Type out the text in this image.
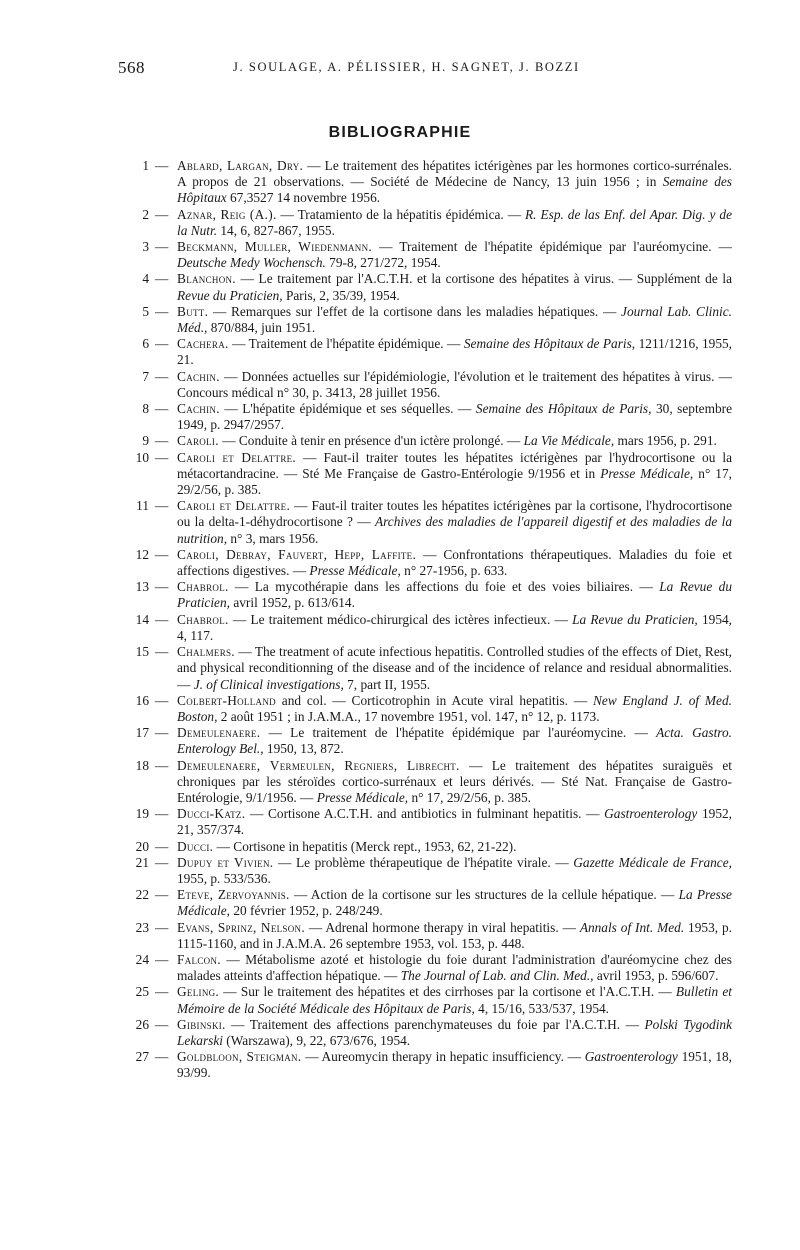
568	J. SOULAGE, A. PÉLISSIER, H. SAGNET, J. BOZZI
BIBLIOGRAPHIE
1 — Ablard, Largan, Dry. — Le traitement des hépatites ictérigènes par les hormones cortico-surrénales. A propos de 21 observations. — Société de Médecine de Nancy, 13 juin 1956 ; in Semaine des Hôpitaux 67,3527 14 novembre 1956.
2 — Aznar, Reig (A.). — Tratamiento de la hépatitis épidémica. — R. Esp. de las Enf. del Apar. Dig. y de la Nutr. 14, 6, 827-867, 1955.
3 — Beckmann, Muller, Wiedenmann. — Traitement de l'hépatite épidémique par l'auréomycine. — Deutsche Medy Wochensch. 79-8, 271/272, 1954.
4 — Blanchon. — Le traitement par l'A.C.T.H. et la cortisone des hépatites à virus. — Supplément de la Revue du Praticien, Paris, 2, 35/39, 1954.
5 — Butt. — Remarques sur l'effet de la cortisone dans les maladies hépatiques. — Journal Lab. Clinic. Méd., 870/884, juin 1951.
6 — Cachera. — Traitement de l'hépatite épidémique. — Semaine des Hôpitaux de Paris, 1211/1216, 1955, 21.
7 — Cachin. — Données actuelles sur l'épidémiologie, l'évolution et le traitement des hépatites à virus. — Concours médical n° 30, p. 3413, 28 juillet 1956.
8 — Cachin. — L'hépatite épidémique et ses séquelles. — Semaine des Hôpitaux de Paris, 30, septembre 1949, p. 2947/2957.
9 — Caroli. — Conduite à tenir en présence d'un ictère prolongé. — La Vie Médicale, mars 1956, p. 291.
10 — Caroli et Delattre. — Faut-il traiter toutes les hépatites ictérigènes par l'hydrocortisone ou la métacortandracine. — Sté Me Française de Gastro-Entérologie 9/1956 et in Presse Médicale, n° 17, 29/2/56, p. 385.
11 — Caroli et Delattre. — Faut-il traiter toutes les hépatites ictérigènes par la cortisone, l'hydrocortisone ou la delta-1-déhydrocortisone ? — Archives des maladies de l'appareil digestif et des maladies de la nutrition, n° 3, mars 1956.
12 — Caroli, Debray, Fauvert, Hepp, Laffite. — Confrontations thérapeutiques. Maladies du foie et affections digestives. — Presse Médicale, n° 27-1956, p. 633.
13 — Chabrol. — La mycothérapie dans les affections du foie et des voies biliaires. — La Revue du Praticien, avril 1952, p. 613/614.
14 — Chabrol. — Le traitement médico-chirurgical des ictères infectieux. — La Revue du Praticien, 1954, 4, 117.
15 — Chalmers. — The treatment of acute infectious hepatitis. Controlled studies of the effects of Diet, Rest, and physical reconditionning of the disease and of the incidence of relance and residual abnormalities. — J. of Clinical investigations, 7, part II, 1955.
16 — Colbert-Holland and col. — Corticotrophin in Acute viral hepatitis. — New England J. of Med. Boston, 2 août 1951 ; in J.A.M.A., 17 novembre 1951, vol. 147, n° 12, p. 1173.
17 — Demeulenaere. — Le traitement de l'hépatite épidémique par l'auréomycine. — Acta. Gastro. Enterology Bel., 1950, 13, 872.
18 — Demeulenaere, Vermeulen, Regniers, Librecht. — Le traitement des hépatites suraiguës et chroniques par les stéroïdes cortico-surrénaux et leurs dérivés. — Sté Nat. Française de Gastro-Entérologie, 9/1/1956. — Presse Médicale, n° 17, 29/2/56, p. 385.
19 — Ducci-Katz. — Cortisone A.C.T.H. and antibiotics in fulminant hepatitis. — Gastroenterology 1952, 21, 357/374.
20 — Ducci. — Cortisone in hepatitis (Merck rept., 1953, 62, 21-22).
21 — Dupuy et Vivien. — Le problème thérapeutique de l'hépatite virale. — Gazette Médicale de France, 1955, p. 533/536.
22 — Eteve, Zervoyannis. — Action de la cortisone sur les structures de la cellule hépatique. — La Presse Médicale, 20 février 1952, p. 248/249.
23 — Evans, Sprinz, Nelson. — Adrenal hormone therapy in viral hepatitis. — Annals of Int. Med. 1953, p. 1115-1160, and in J.A.M.A. 26 septembre 1953, vol. 153, p. 448.
24 — Falcon. — Métabolisme azoté et histologie du foie durant l'administration d'auréomycine chez des malades atteints d'affection hépatique. — The Journal of Lab. and Clin. Med., avril 1953, p. 596/607.
25 — Geling. — Sur le traitement des hépatites et des cirrhoses par la cortisone et l'A.C.T.H. — Bulletin et Mémoire de la Société Médicale des Hôpitaux de Paris, 4, 15/16, 533/537, 1954.
26 — Gibinski. — Traitement des affections parenchymateuses du foie par l'A.C.T.H. — Polski Tygodink Lekarski (Warszawa), 9, 22, 673/676, 1954.
27 — Goldbloon, Steigman. — Aureomycin therapy in hepatic insufficiency. — Gastroenterology 1951, 18, 93/99.
